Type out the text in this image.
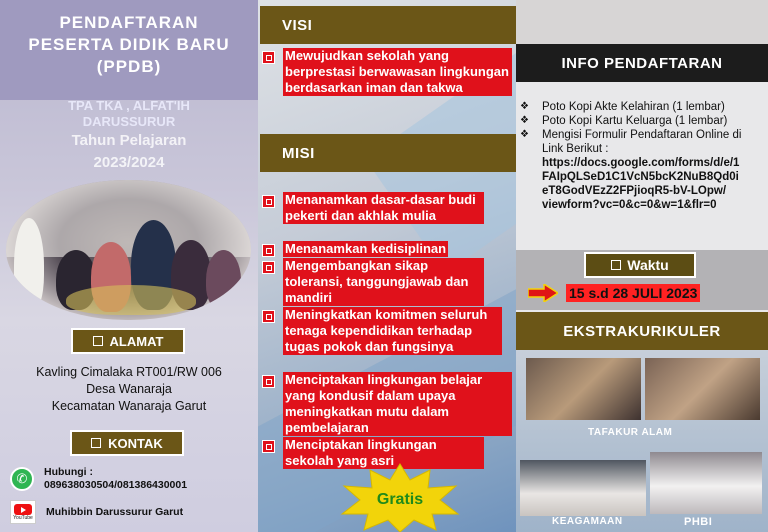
PENDAFTARAN
PESERTA DIDIK BARU
(PPDB)
TPA TKA , ALFAT'IH
DARUSSURUR
Tahun Pelajaran
2023/2024
ALAMAT
Kavling Cimalaka RT001/RW 006
Desa Wanaraja
Kecamatan Wanaraja Garut
KONTAK
✆	Hubungi :
089638030504/081386430001
YouTube Muhibbin Darussurur Garut
VISI
Mewujudkan sekolah yang berprestasi berwawasan lingkungan berdasarkan iman dan takwa
MISI
Menanamkan dasar-dasar budi pekerti dan akhlak mulia
Menanamkan kedisiplinan
Mengembangkan sikap toleransi, tanggungjawab dan mandiri
Meningkatkan komitmen seluruh tenaga kependidikan terhadap tugas pokok dan fungsinya
Menciptakan lingkungan belajar yang kondusif dalam upaya meningkatkan mutu dalam pembelajaran
Menciptakan lingkungan sekolah yang asri
Gratis
INFO PENDAFTARAN
❖ Poto Kopi Akte Kelahiran (1 lembar)
❖ Poto Kopi Kartu Keluarga (1 lembar)
❖ Mengisi Formulir Pendaftaran Online di Link Berikut :
https://docs.google.com/forms/d/e/1
FAIpQLSeD1C1VcN5bcK2NuB8Qd0i
eT8GodVEzZ2FPjioqR5-bV-LOpw/
viewform?vc=0&c=0&w=1&flr=0
Waktu
15 s.d 28 JULI 2023
EKSTRAKURIKULER
TAFAKUR ALAM
KEAGAMAAN	PHBI
